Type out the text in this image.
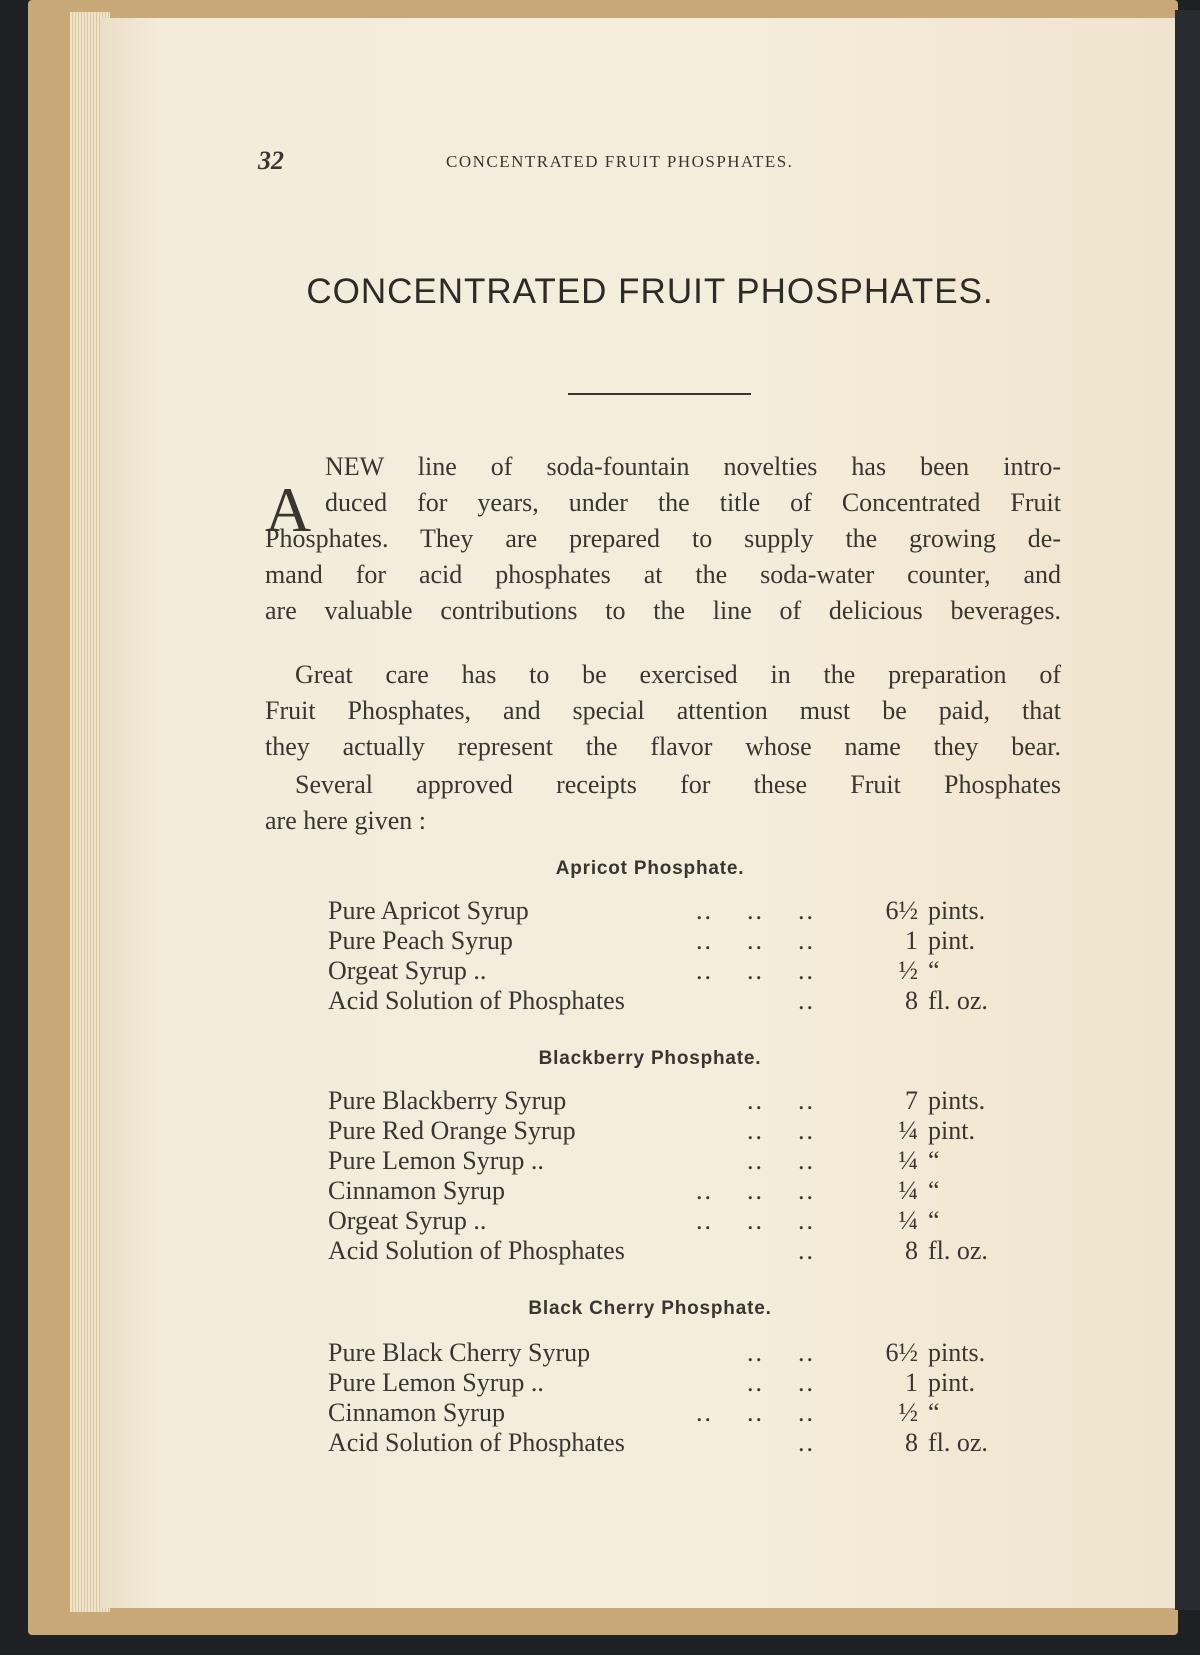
32	CONCENTRATED FRUIT PHOSPHATES.
CONCENTRATED FRUIT PHOSPHATES.
A
NEW line of soda-fountain novelties has been intro-
duced for years, under the title of Concentrated Fruit
Phosphates. They are prepared to supply the growing de-
mand for acid phosphates at the soda-water counter, and
are valuable contributions to the line of delicious beverages.
Great care has to be exercised in the preparation of
Fruit Phosphates, and special attention must be paid, that
they actually represent the flavor whose name they bear.
Several approved receipts for these Fruit Phosphates
are here given :
Apricot Phosphate.
Pure Apricot Syrup	..    ..    ..	6½ pints.
Pure Peach Syrup	..    ..    ..	1 pint.
Orgeat Syrup ..	..    ..    ..	½ “
Acid Solution of Phosphates	..	8 fl. oz.
Blackberry Phosphate.
Pure Blackberry Syrup	..    ..	7 pints.
Pure Red Orange Syrup	..    ..	¼ pint.
Pure Lemon Syrup ..	..    ..	¼ “
Cinnamon Syrup	..    ..    ..	¼ “
Orgeat Syrup ..	..    ..    ..	¼ “
Acid Solution of Phosphates	..	8 fl. oz.
Black Cherry Phosphate.
Pure Black Cherry Syrup	..    ..	6½ pints.
Pure Lemon Syrup ..	..    ..	1 pint.
Cinnamon Syrup	..    ..    ..	½ “
Acid Solution of Phosphates	..	8 fl. oz.
